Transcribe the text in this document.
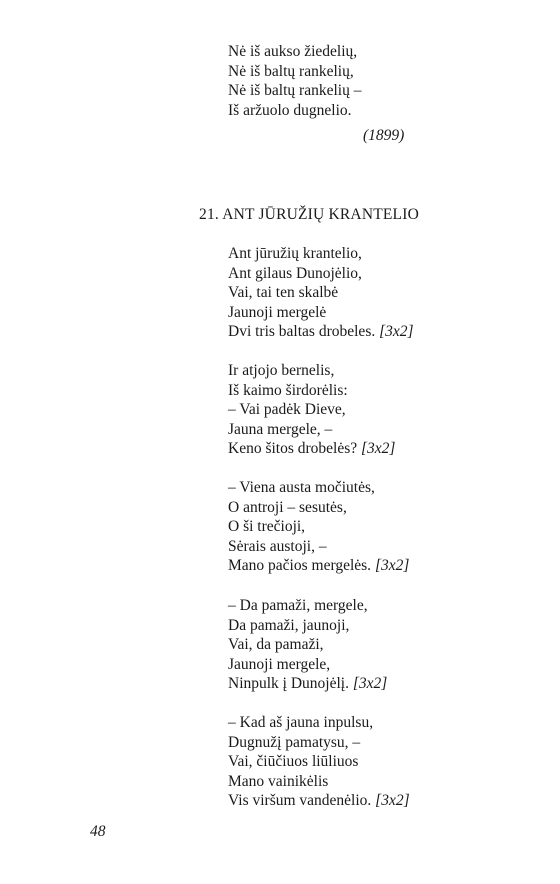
Nė iš aukso žiedelių,
Nė iš baltų rankelių,
Nė iš baltų rankelių –
Iš aržuolo dugnelio.
(1899)
21. ANT JŪRUŽIŲ KRANTELIO
Ant jūružių krantelio,
Ant gilaus Dunojėlio,
Vai, tai ten skalbė
Jaunoji mergelė
Dvi tris baltas drobeles. [3x2]
Ir atjojo bernelis,
Iš kaimo širdorėlis:
– Vai padėk Dieve,
Jauna mergele, –
Keno šitos drobelės? [3x2]
– Viena austa močiutės,
O antroji – sesutės,
O ši trečioji,
Sėrais austoji, –
Mano pačios mergelės. [3x2]
– Da pamaži, mergele,
Da pamaži, jaunoji,
Vai, da pamaži,
Jaunoji mergele,
Ninpulk į Dunojėlį. [3x2]
– Kad aš jauna inpulsu,
Dugnužį pamatysu, –
Vai, čiūčiuos liūliuos
Mano vainikėlis
Vis viršum vandenėlio. [3x2]
48
